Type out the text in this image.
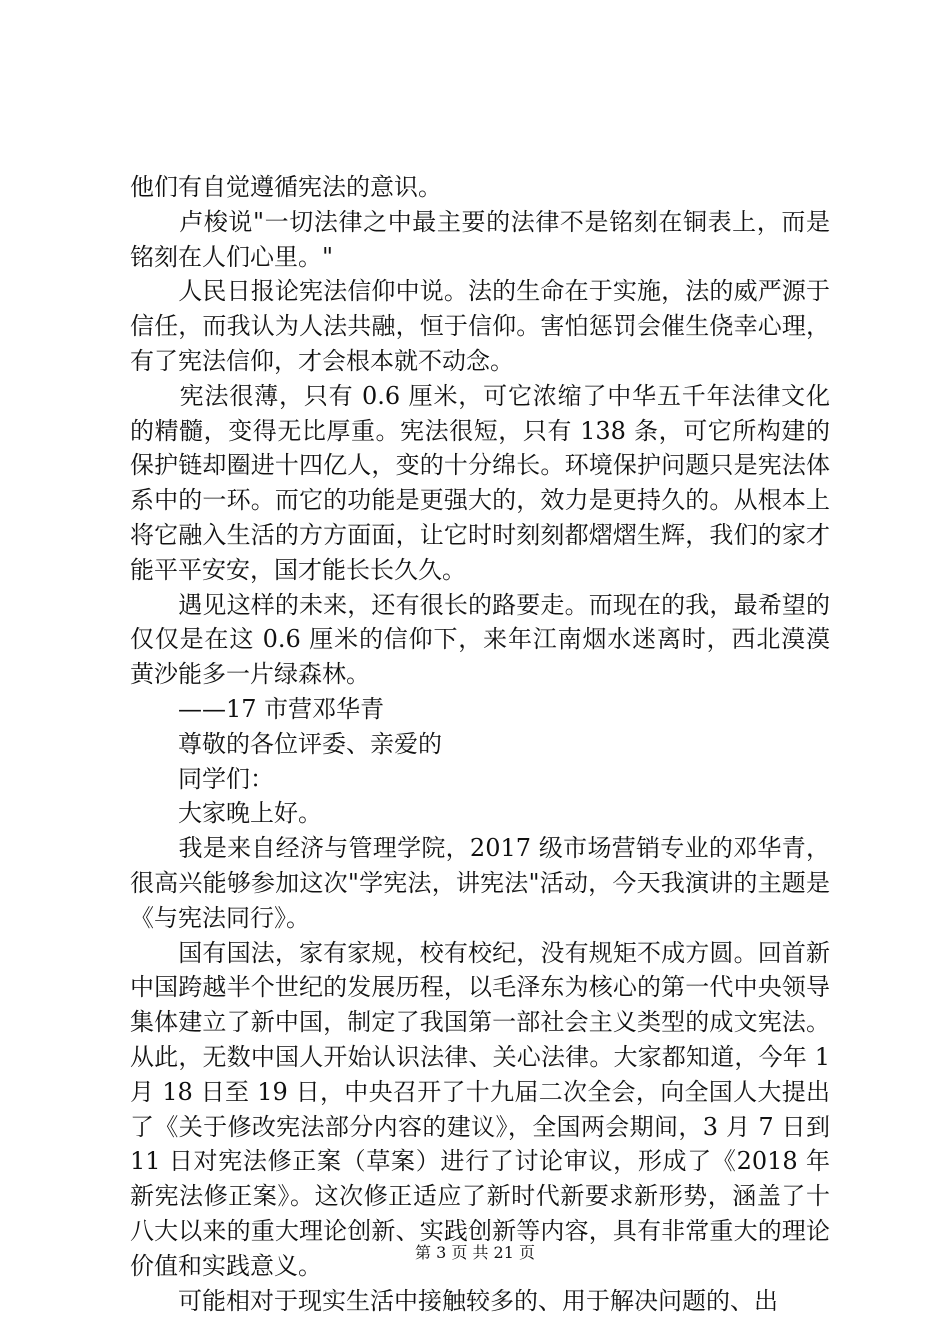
他们有自觉遵循宪法的意识。

　　卢梭说"一切法律之中最主要的法律不是铭刻在铜表上，而是铭刻在人们心里。"

　　人民日报论宪法信仰中说。法的生命在于实施，法的威严源于信任，而我认为人法共融，恒于信仰。害怕惩罚会催生侥幸心理，有了宪法信仰，才会根本就不动念。

　　宪法很薄，只有 0.6 厘米，可它浓缩了中华五千年法律文化的精髓，变得无比厚重。宪法很短，只有 138 条，可它所构建的保护链却圈进十四亿人，变的十分绵长。环境保护问题只是宪法体系中的一环。而它的功能是更强大的，效力是更持久的。从根本上将它融入生活的方方面面，让它时时刻刻都熠熠生辉，我们的家才能平平安安，国才能长长久久。

　　遇见这样的未来，还有很长的路要走。而现在的我，最希望的仅仅是在这 0.6 厘米的信仰下，来年江南烟水迷离时，西北漠漠黄沙能多一片绿森林。

　　——17 市营邓华青

　　尊敬的各位评委、亲爱的

　　同学们：

　　大家晚上好。

　　我是来自经济与管理学院，2017 级市场营销专业的邓华青，很高兴能够参加这次"学宪法，讲宪法"活动，今天我演讲的主题是《与宪法同行》。

　　国有国法，家有家规，校有校纪，没有规矩不成方圆。回首新中国跨越半个世纪的发展历程，以毛泽东为核心的第一代中央领导集体建立了新中国，制定了我国第一部社会主义类型的成文宪法。从此，无数中国人开始认识法律、关心法律。大家都知道，今年 1 月 18 日至 19 日，中央召开了十九届二次全会，向全国人大提出了《关于修改宪法部分内容的建议》，全国两会期间，3 月 7 日到 11 日对宪法修正案（草案）进行了讨论审议，形成了《2018 年新宪法修正案》。这次修正适应了新时代新要求新形势，涵盖了十八大以来的重大理论创新、实践创新等内容，具有非常重大的理论价值和实践意义。

　　可能相对于现实生活中接触较多的、用于解决问题的、出

第 3 页 共 21 页
